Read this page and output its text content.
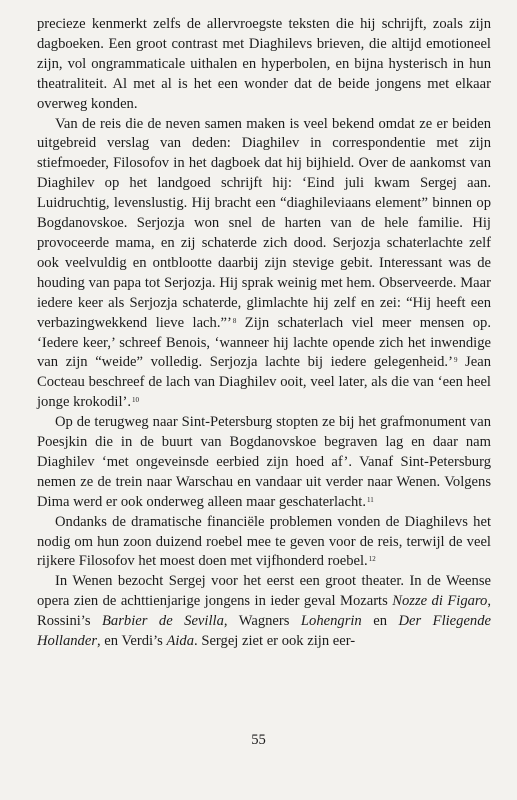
precieze kenmerkt zelfs de allervroegste teksten die hij schrijft, zoals zijn dagboeken. Een groot contrast met Diaghilevs brieven, die altijd emotioneel zijn, vol ongrammaticale uithalen en hyperbolen, en bijna hysterisch in hun theatraliteit. Al met al is het een wonder dat de beide jongens met elkaar overweg konden.

Van de reis die de neven samen maken is veel bekend omdat ze er beiden uitgebreid verslag van deden: Diaghilev in correspondentie met zijn stiefmoeder, Filosofov in het dagboek dat hij bijhield. Over de aankomst van Diaghilev op het landgoed schrijft hij: ‘Eind juli kwam Sergej aan. Luidruchtig, levenslustig. Hij bracht een “diaghileviaans element” binnen op Bogdanovskoe. Serjozja won snel de harten van de hele familie. Hij provoceerde mama, en zij schaterde zich dood. Serjozja schaterlachte zelf ook veelvuldig en ontblootte daarbij zijn stevige gebit. Interessant was de houding van papa tot Serjozja. Hij sprak weinig met hem. Observeerde. Maar iedere keer als Serjozja schaterde, glimlachte hij zelf en zei: “Hij heeft een verbazingwekkend lieve lach.”’$^8$ Zijn schaterlach viel meer mensen op. ‘Iedere keer,’ schreef Benois, ‘wanneer hij lachte opende zich het inwendige van zijn “weide” volledig. Serjozja lachte bij iedere gelegenheid.’$^9$ Jean Cocteau beschreef de lach van Diaghilev ooit, veel later, als die van ‘een heel jonge krokodil’.$^{10}$

Op de terugweg naar Sint-Petersburg stopten ze bij het grafmonument van Poesjkin die in de buurt van Bogdanovskoe begraven lag en daar nam Diaghilev ‘met ongeveinsde eerbied zijn hoed af’. Vanaf Sint-Petersburg nemen ze de trein naar Warschau en vandaar uit verder naar Wenen. Volgens Dima werd er ook onderweg alleen maar geschaterlacht.$^{11}$

Ondanks de dramatische financiële problemen vonden de Diaghilevs het nodig om hun zoon duizend roebel mee te geven voor de reis, terwijl de veel rijkere Filosofov het moest doen met vijfhonderd roebel.$^{12}$

In Wenen bezocht Sergej voor het eerst een groot theater. In de Weense opera zien de achttienjarige jongens in ieder geval Mozarts Nozze di Figaro, Rossini’s Barbier de Sevilla, Wagners Lohengrin en Der Fliegende Hollander, en Verdi’s Aida. Sergej ziet er ook zijn eer-

55
